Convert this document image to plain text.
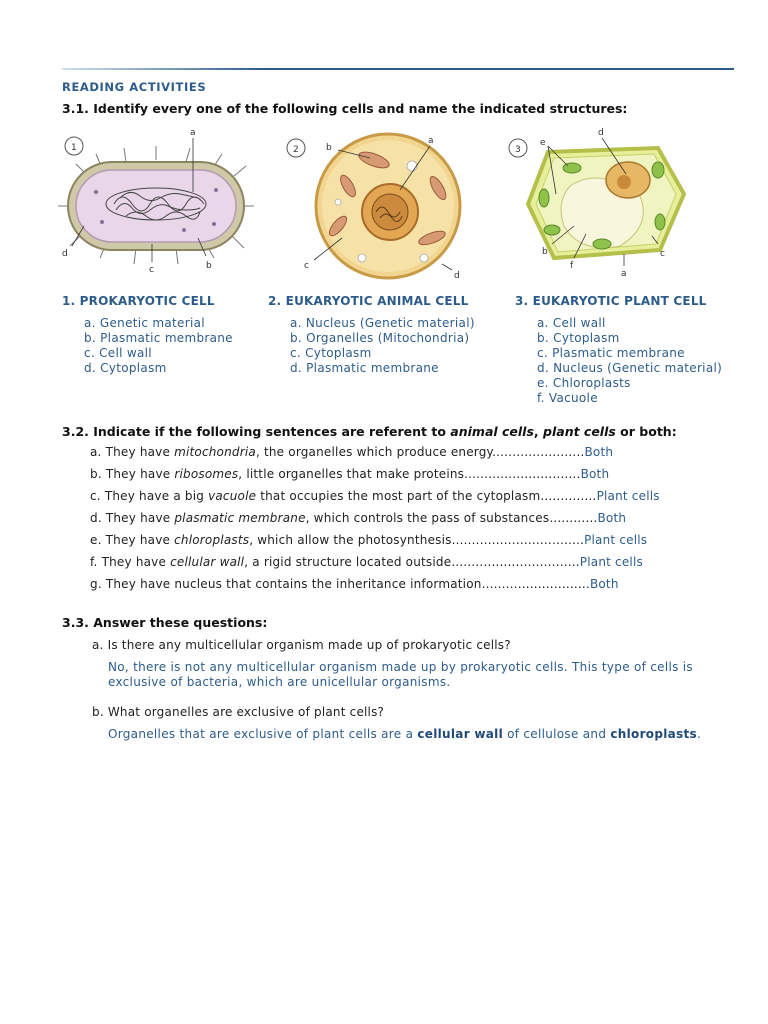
READING ACTIVITIES
3.1. Identify every one of the following cells and name the indicated structures:
1
a
d
c	b
2	b
a
c
d
3
e
d
b
f
a
c
1. PROKARYOTIC CELL
a. Genetic material
b. Plasmatic membrane
c. Cell wall
d. Cytoplasm
2. EUKARYOTIC ANIMAL CELL
a. Nucleus (Genetic material)
b. Organelles (Mitochondria)
c. Cytoplasm
d. Plasmatic membrane
3. EUKARYOTIC PLANT CELL
a. Cell wall
b. Cytoplasm
c. Plasmatic membrane
d. Nucleus (Genetic material)
e. Chloroplasts
f. Vacuole
3.2. Indicate if the following sentences are referent to animal cells, plant cells or both:
a. They have mitochondria, the organelles which produce energy.......................Both
b. They have ribosomes, little organelles that make proteins.............................Both
c. They have a big vacuole that occupies the most part of the cytoplasm..............Plant cells
d. They have plasmatic membrane, which controls the pass of substances............Both
e. They have chloroplasts, which allow the photosynthesis.................................Plant cells
f. They have cellular wall, a rigid structure located outside................................Plant cells
g. They have nucleus that contains the inheritance information...........................Both
3.3. Answer these questions:
a. Is there any multicellular organism made up of prokaryotic cells?
No, there is not any multicellular organism made up by prokaryotic cells. This type of cells is
exclusive of bacteria, which are unicellular organisms.
b. What organelles are exclusive of plant cells?
Organelles that are exclusive of plant cells are a cellular wall of cellulose and chloroplasts.
